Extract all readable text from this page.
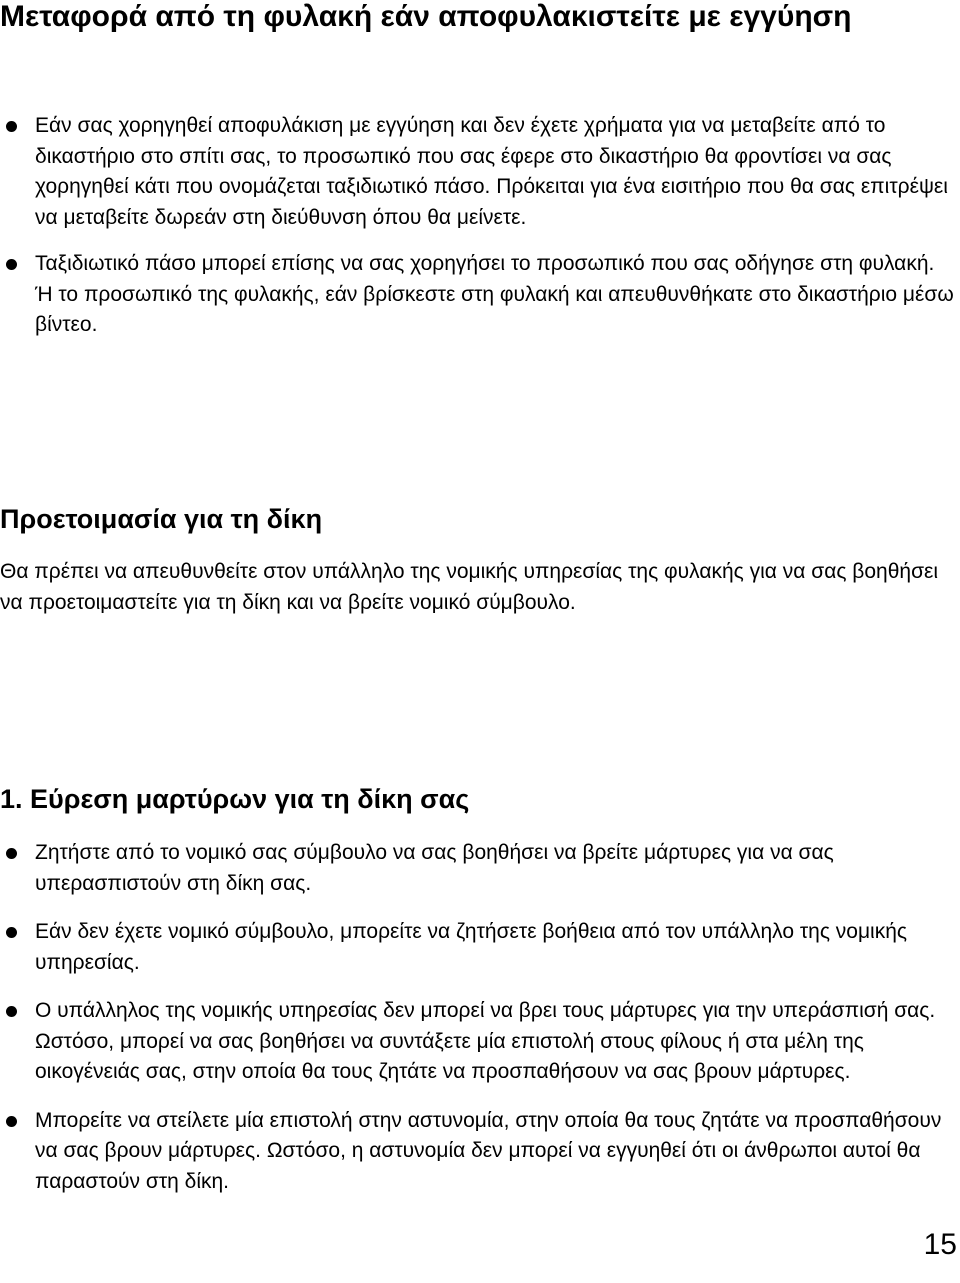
Μεταφορά από τη φυλακή εάν αποφυλακιστείτε με εγγύηση
Εάν σας χορηγηθεί αποφυλάκιση με εγγύηση και δεν έχετε χρήματα για να μεταβείτε από το δικαστήριο στο σπίτι σας, το προσωπικό που σας έφερε στο δικαστήριο θα φροντίσει να σας χορηγηθεί κάτι που ονομάζεται ταξιδιωτικό πάσο. Πρόκειται για ένα εισιτήριο που θα σας επιτρέψει να μεταβείτε δωρεάν στη διεύθυνση όπου θα μείνετε.
Ταξιδιωτικό πάσο μπορεί επίσης να σας χορηγήσει το προσωπικό που σας οδήγησε στη φυλακή. Ή το προσωπικό της φυλακής, εάν βρίσκεστε στη φυλακή και απευθυνθήκατε στο δικαστήριο μέσω βίντεο.
Προετοιμασία για τη δίκη

Θα πρέπει να απευθυνθείτε στον υπάλληλο της νομικής υπηρεσίας της φυλακής για να σας βοηθήσει να προετοιμαστείτε για τη δίκη και να βρείτε νομικό σύμβουλο.

1. Εύρεση μαρτύρων για τη δίκη σας
Ζητήστε από το νομικό σας σύμβουλο να σας βοηθήσει να βρείτε μάρτυρες για να σας υπερασπιστούν στη δίκη σας.
Εάν δεν έχετε νομικό σύμβουλο, μπορείτε να ζητήσετε βοήθεια από τον υπάλληλο της νομικής υπηρεσίας.
Ο υπάλληλος της νομικής υπηρεσίας δεν μπορεί να βρει τους μάρτυρες για την υπεράσπισή σας. Ωστόσο, μπορεί να σας βοηθήσει να συντάξετε μία επιστολή στους φίλους ή στα μέλη της οικογένειάς σας, στην οποία θα τους ζητάτε να προσπαθήσουν να σας βρουν μάρτυρες.
Μπορείτε να στείλετε μία επιστολή στην αστυνομία, στην οποία θα τους ζητάτε να προσπαθήσουν να σας βρουν μάρτυρες. Ωστόσο, η αστυνομία δεν μπορεί να εγγυηθεί ότι οι άνθρωποι αυτοί θα παραστούν στη δίκη.
15
